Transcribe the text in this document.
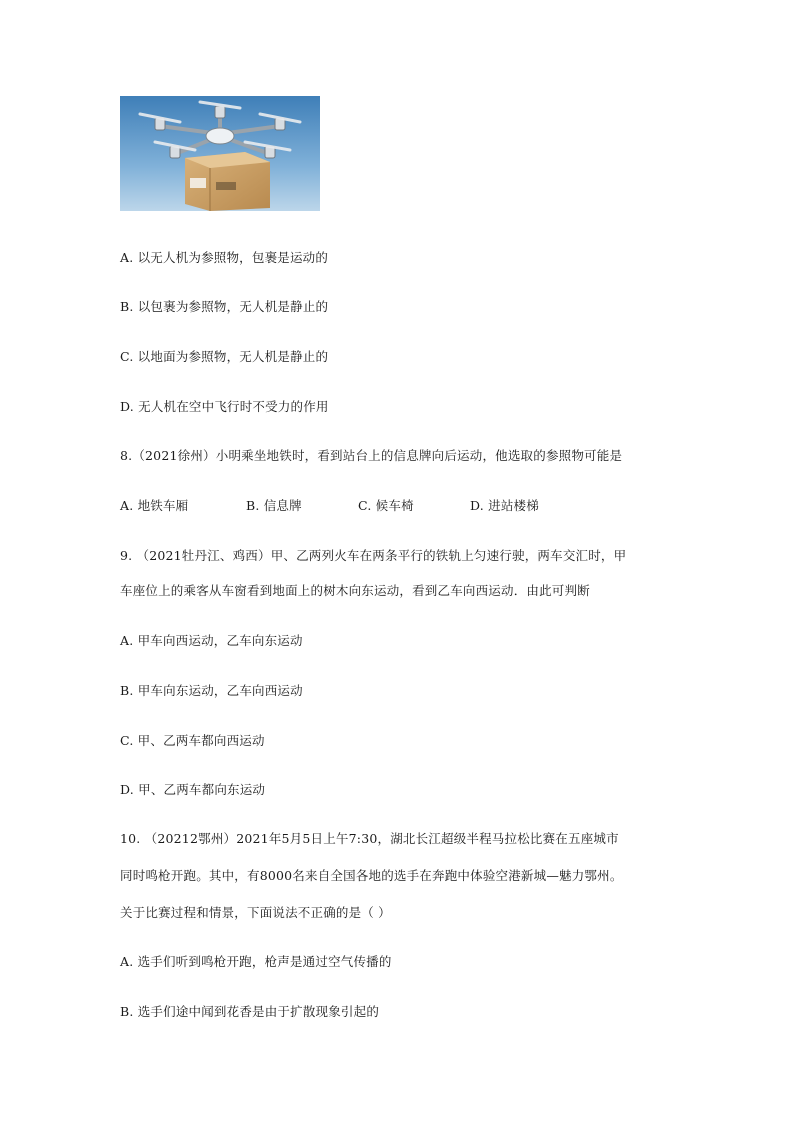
A. 以无人机为参照物，包裹是运动的
B. 以包裹为参照物，无人机是静止的
C. 以地面为参照物，无人机是静止的
D. 无人机在空中飞行时不受力的作用
8.（2021徐州）小明乘坐地铁时，看到站台上的信息牌向后运动，他选取的参照物可能是
A. 地铁车厢	B. 信息牌	C. 候车椅	D. 进站楼梯
9. （2021牡丹江、鸡西）甲、乙两列火车在两条平行的铁轨上匀速行驶，两车交汇时，甲
车座位上的乘客从车窗看到地面上的树木向东运动，看到乙车向西运动．由此可判断
A. 甲车向西运动，乙车向东运动
B. 甲车向东运动，乙车向西运动
C. 甲、乙两车都向西运动
D. 甲、乙两车都向东运动
10. （20212鄂州）2021年5月5日上午7:30，湖北长江超级半程马拉松比赛在五座城市
同时鸣枪开跑。其中，有8000名来自全国各地的选手在奔跑中体验空港新城—魅力鄂州。
关于比赛过程和情景，下面说法不正确的是（ ）
A. 选手们听到鸣枪开跑，枪声是通过空气传播的
B. 选手们途中闻到花香是由于扩散现象引起的
